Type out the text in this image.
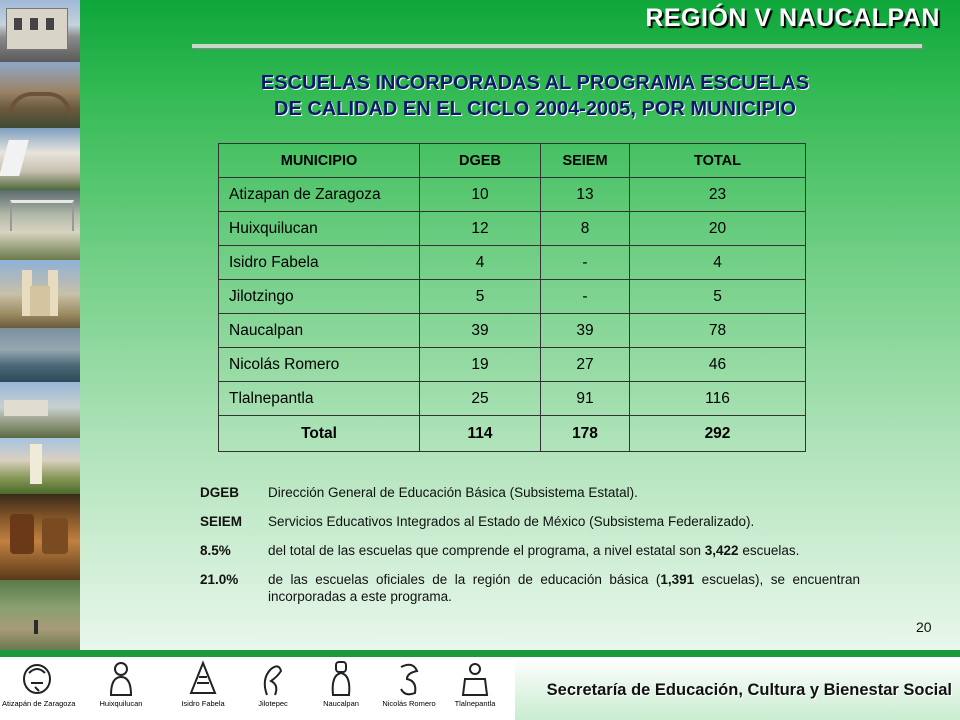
REGIÓN V NAUCALPAN
ESCUELAS INCORPORADAS AL PROGRAMA ESCUELAS
DE CALIDAD EN EL CICLO 2004-2005, POR MUNICIPIO
MUNICIPIO	DGEB	SEIEM	TOTAL
Atizapan de Zaragoza	10	13	23
Huixquilucan	12	8	20
Isidro Fabela	4	-	4
Jilotzingo	5	-	5
Naucalpan	39	39	78
Nicolás Romero	19	27	46
Tlalnepantla	25	91	116
Total	114	178	292
DGEB	Dirección General de Educación Básica (Subsistema Estatal).
SEIEM	Servicios Educativos Integrados al Estado de México (Subsistema Federalizado).
8.5%	del total de las escuelas que comprende el programa, a nivel estatal son 3,422 escuelas.
21.0%	de las escuelas oficiales de la región de educación básica (1,391 escuelas), se encuentran incorporadas a este programa.
20
Atizapán de Zaragoza	Huixquilucan	Isidro Fabela	Jilotepec	Naucalpan	Nicolás Romero	Tlalnepantla
Secretaría de Educación, Cultura y Bienestar Social
